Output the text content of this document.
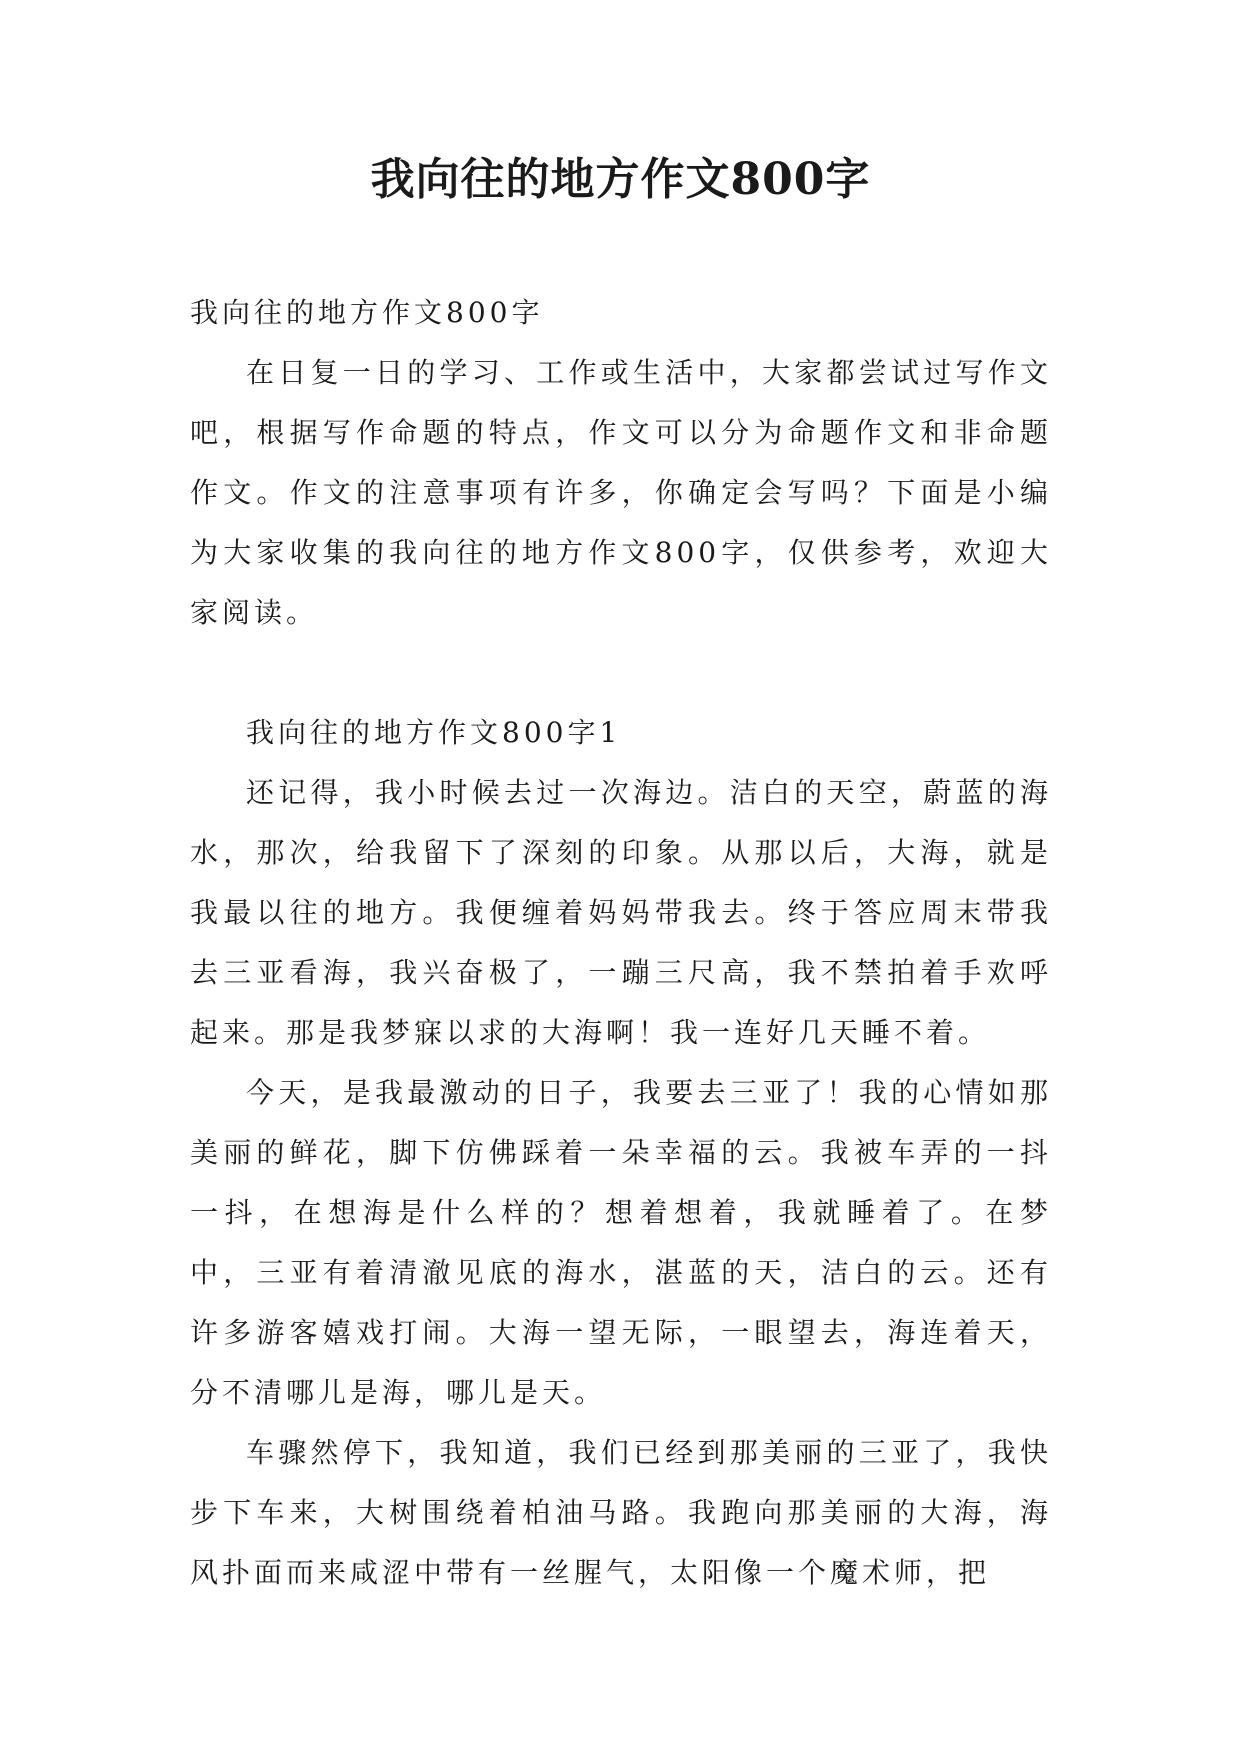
我向往的地方作文800字

我向往的地方作文800字

在日复一日的学习、工作或生活中，大家都尝试过写作文吧，根据写作命题的特点，作文可以分为命题作文和非命题作文。作文的注意事项有许多，你确定会写吗？下面是小编为大家收集的我向往的地方作文800字，仅供参考，欢迎大家阅读。

我向往的地方作文800字1

还记得，我小时候去过一次海边。洁白的天空，蔚蓝的海水，那次，给我留下了深刻的印象。从那以后，大海，就是我最以往的地方。我便缠着妈妈带我去。终于答应周末带我去三亚看海，我兴奋极了，一蹦三尺高，我不禁拍着手欢呼起来。那是我梦寐以求的大海啊！我一连好几天睡不着。

今天，是我最激动的日子，我要去三亚了！我的心情如那美丽的鲜花，脚下仿佛踩着一朵幸福的云。我被车弄的一抖一抖，在想海是什么样的？想着想着，我就睡着了。在梦中，三亚有着清澈见底的海水，湛蓝的天，洁白的云。还有许多游客嬉戏打闹。大海一望无际，一眼望去，海连着天，分不清哪儿是海，哪儿是天。

车骤然停下，我知道，我们已经到那美丽的三亚了，我快步下车来，大树围绕着柏油马路。我跑向那美丽的大海，海风扑面而来咸涩中带有一丝腥气，太阳像一个魔术师，把
